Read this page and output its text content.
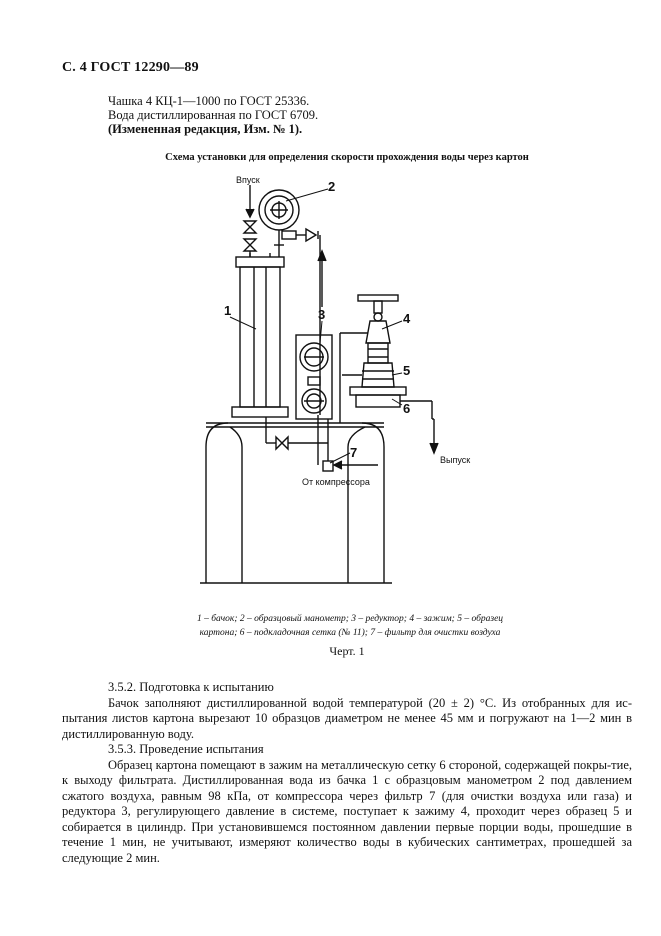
С. 4 ГОСТ 12290—89
Чашка 4 КЦ-1—1000 по ГОСТ 25336.
Вода дистиллированная по ГОСТ 6709.
(Измененная редакция, Изм. № 1).
Схема установки для определения скорости прохождения воды через картон
Впуск
Выпуск
От компрессора
1
2
3	4
5
6
7
1 – бачок; 2 – образцовый манометр; 3 – редуктор; 4 – зажим; 5 – образец
картона; 6 – подкладочная сетка (№ 11); 7 – фильтр для очистки воздуха
Черт. 1

3.5.2. Подготовка к испытанию

Бачок заполняют дистиллированной водой температурой (20 ± 2) °С. Из отобранных для ис-пытания листов картона вырезают 10 образцов диаметром не менее 45 мм и погружают на 1—2 мин в дистиллированную воду.

3.5.3. Проведение испытания

Образец картона помещают в зажим на металлическую сетку 6 стороной, содержащей покры-тие, к выходу фильтрата. Дистиллированная вода из бачка 1 с образцовым манометром 2 под давлением сжатого воздуха, равным 98 кПа, от компрессора через фильтр 7 (для очистки воздуха или газа) и редуктора 3, регулирующего давление в системе, поступает к зажиму 4, проходит через образец 5 и собирается в цилиндр. При установившемся постоянном давлении первые порции воды, прошедшие в течение 1 мин, не учитывают, измеряют количество воды в кубических сантиметрах, прошедшей за следующие 2 мин.
